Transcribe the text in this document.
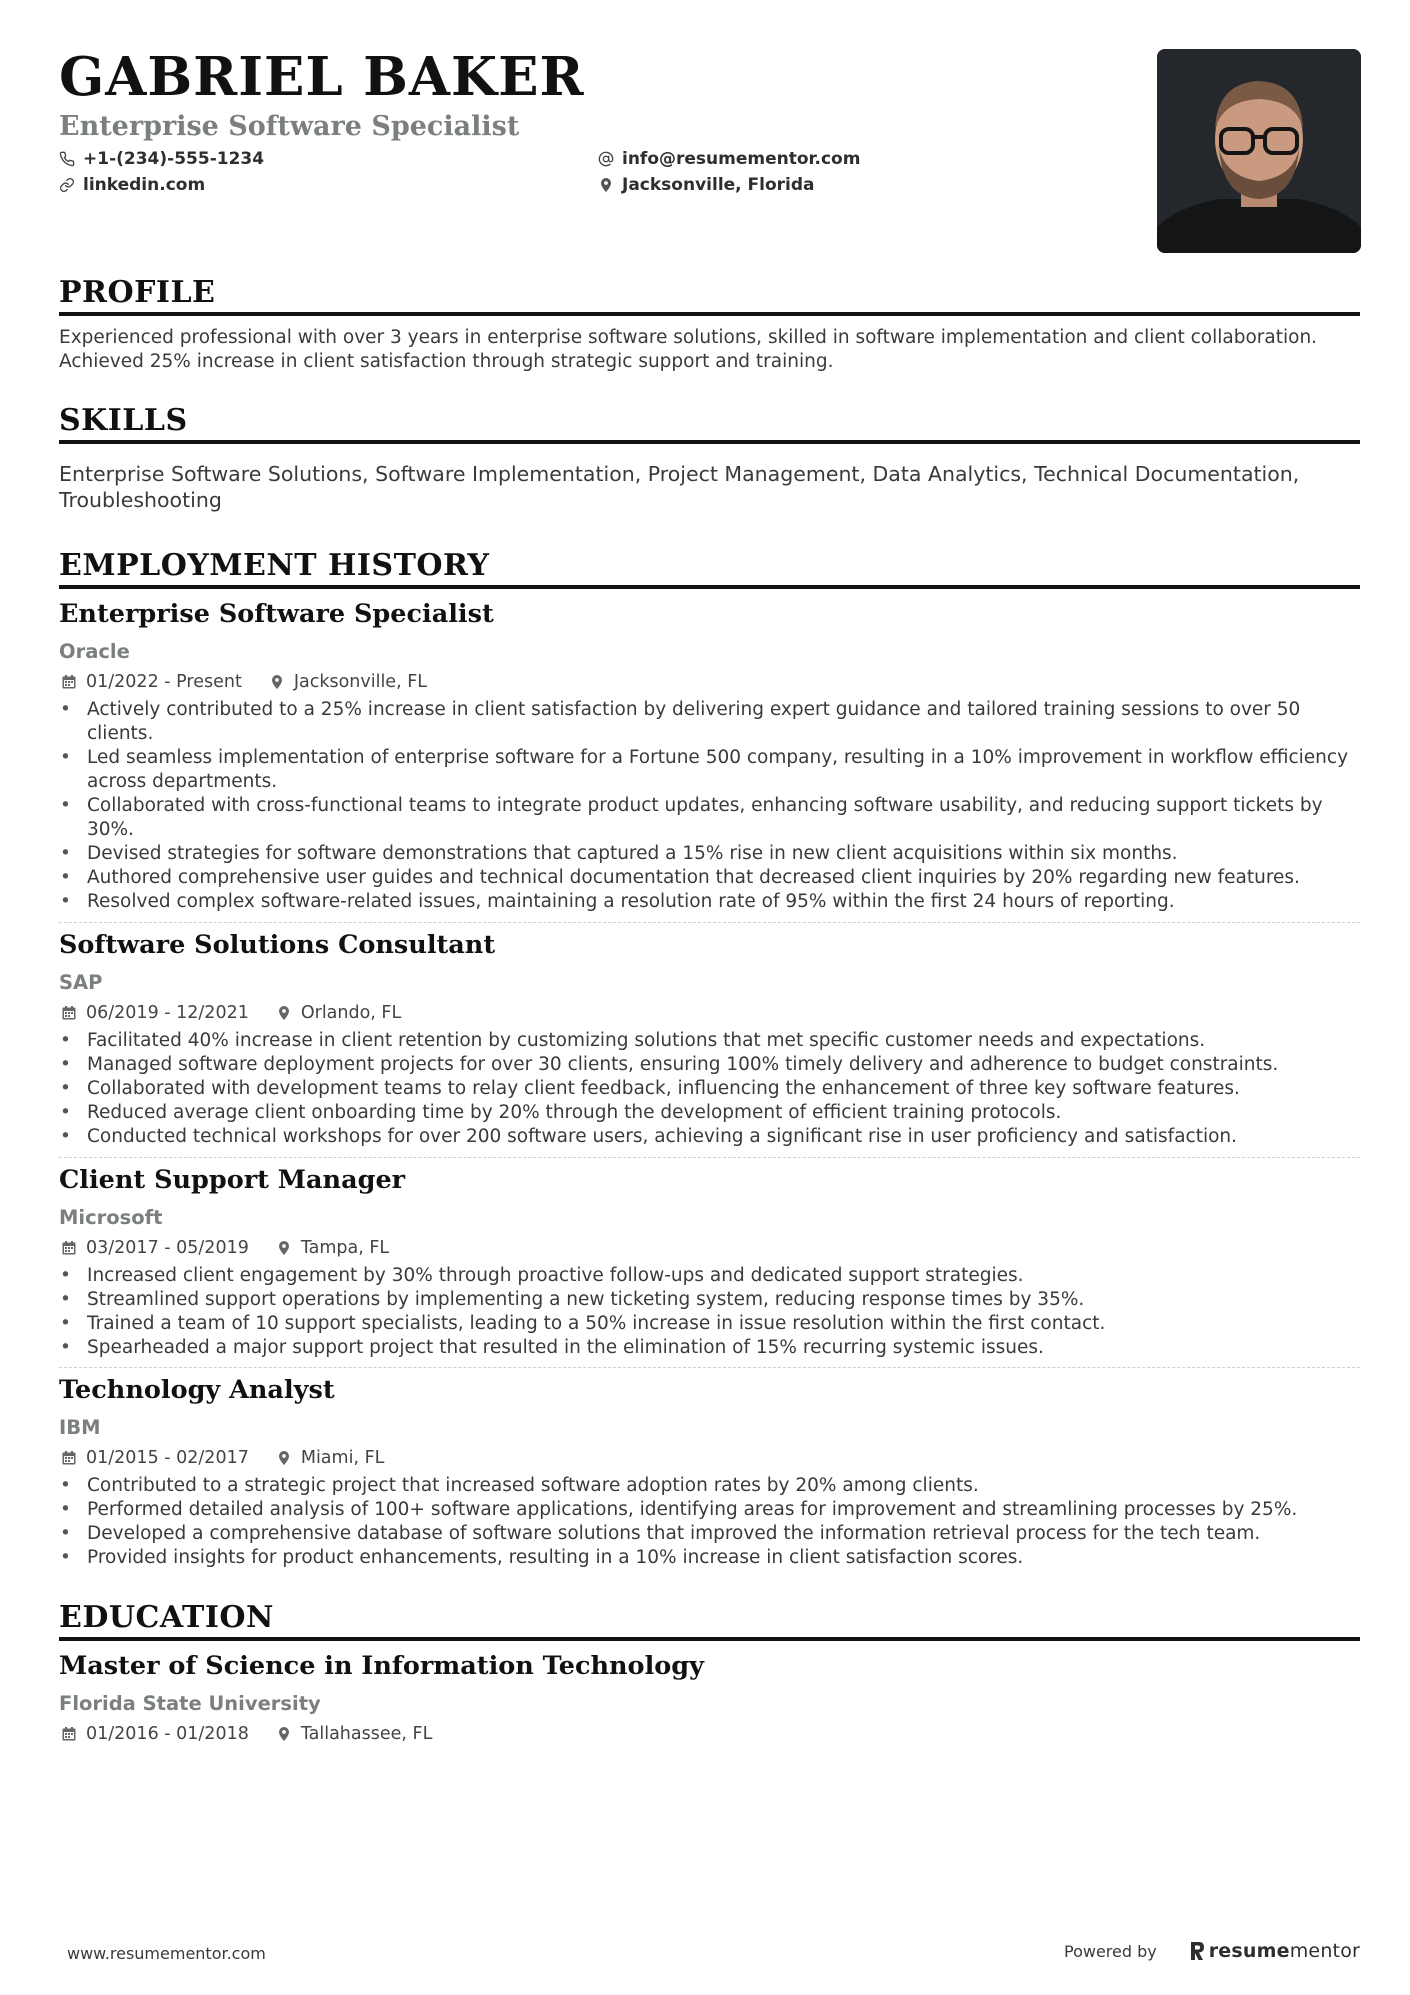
GABRIEL BAKER
Enterprise Software Specialist
+1-(234)-555-1234
linkedin.com
info@resumementor.com
Jacksonville, Florida
PROFILE

Experienced professional with over 3 years in enterprise software solutions, skilled in software implementation and client collaboration. Achieved 25% increase in client satisfaction through strategic support and training.

SKILLS

Enterprise Software Solutions, Software Implementation, Project Management, Data Analytics, Technical Documentation, Troubleshooting

EMPLOYMENT HISTORY
Enterprise Software Specialist
Oracle
01/2022 - Present	Jacksonville, FL
• Actively contributed to a 25% increase in client satisfaction by delivering expert guidance and tailored training sessions to over 50 clients.
• Led seamless implementation of enterprise software for a Fortune 500 company, resulting in a 10% improvement in workflow efficiency across departments.
• Collaborated with cross-functional teams to integrate product updates, enhancing software usability, and reducing support tickets by 30%.
• Devised strategies for software demonstrations that captured a 15% rise in new client acquisitions within six months.
• Authored comprehensive user guides and technical documentation that decreased client inquiries by 20% regarding new features.
• Resolved complex software-related issues, maintaining a resolution rate of 95% within the first 24 hours of reporting.
Software Solutions Consultant
SAP
06/2019 - 12/2021	Orlando, FL
• Facilitated 40% increase in client retention by customizing solutions that met specific customer needs and expectations.
• Managed software deployment projects for over 30 clients, ensuring 100% timely delivery and adherence to budget constraints.
• Collaborated with development teams to relay client feedback, influencing the enhancement of three key software features.
• Reduced average client onboarding time by 20% through the development of efficient training protocols.
• Conducted technical workshops for over 200 software users, achieving a significant rise in user proficiency and satisfaction.
Client Support Manager
Microsoft
03/2017 - 05/2019	Tampa, FL
• Increased client engagement by 30% through proactive follow-ups and dedicated support strategies.
• Streamlined support operations by implementing a new ticketing system, reducing response times by 35%.
• Trained a team of 10 support specialists, leading to a 50% increase in issue resolution within the first contact.
• Spearheaded a major support project that resulted in the elimination of 15% recurring systemic issues.
Technology Analyst
IBM
01/2015 - 02/2017	Miami, FL
• Contributed to a strategic project that increased software adoption rates by 20% among clients.
• Performed detailed analysis of 100+ software applications, identifying areas for improvement and streamlining processes by 25%.
• Developed a comprehensive database of software solutions that improved the information retrieval process for the tech team.
• Provided insights for product enhancements, resulting in a 10% increase in client satisfaction scores.
EDUCATION
Master of Science in Information Technology
Florida State University
01/2016 - 01/2018	Tallahassee, FL
www.resumementor.com	Powered by	resumementor
